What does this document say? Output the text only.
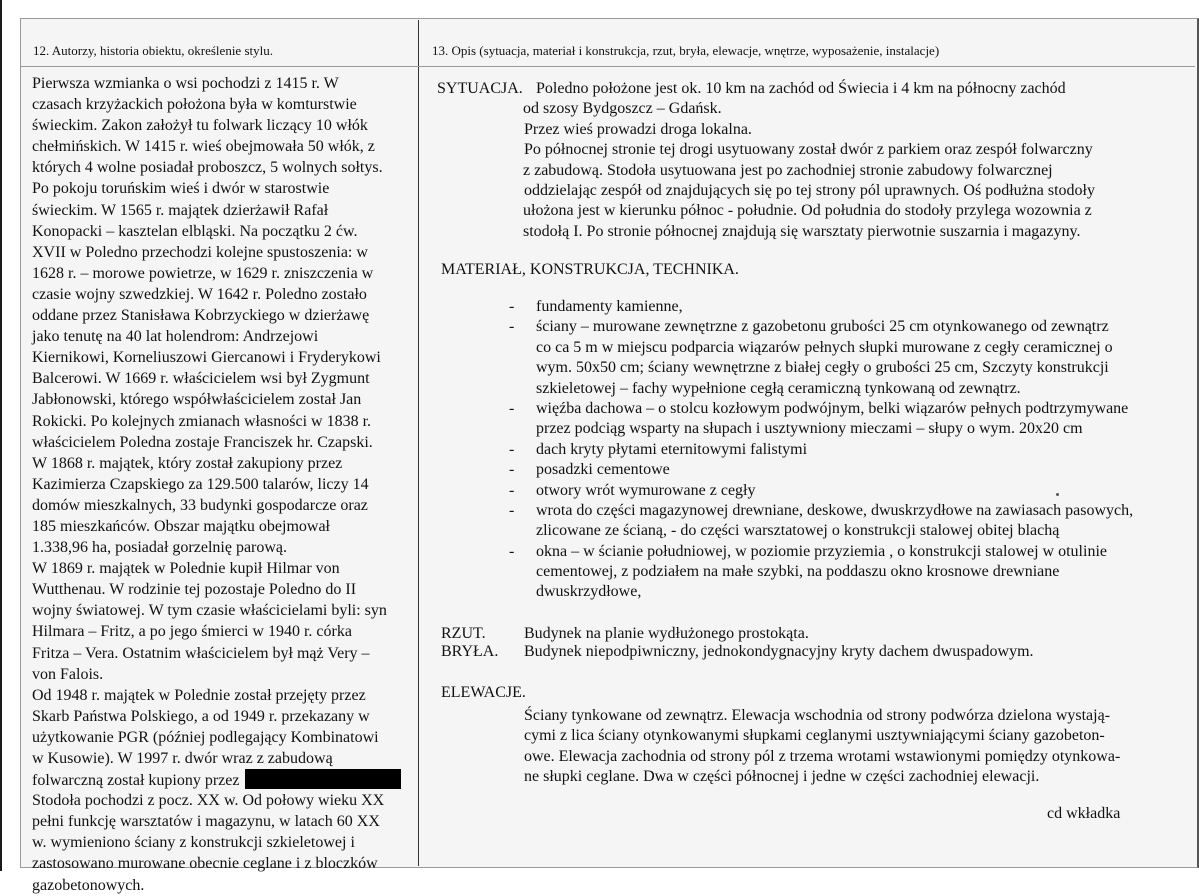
12. Autorzy, historia obiektu, określenie stylu.	13. Opis (sytuacja, materiał i konstrukcja, rzut, bryła, elewacje, wnętrze, wyposażenie, instalacje)
Pierwsza wzmianka o wsi pochodzi z 1415 r. W
czasach krzyżackich położona była w komturstwie
świeckim. Zakon założył tu folwark liczący 10 włók
chełmińskich. W 1415 r. wieś obejmowała 50 włók, z
których 4 wolne posiadał proboszcz, 5 wolnych sołtys.
Po pokoju toruńskim wieś i dwór w starostwie
świeckim. W 1565 r. majątek dzierżawił Rafał
Konopacki – kasztelan elbląski. Na początku 2 ćw.
XVII w Poledno przechodzi kolejne spustoszenia: w
1628 r. – morowe powietrze, w 1629 r. zniszczenia w
czasie wojny szwedzkiej. W 1642 r. Poledno zostało
oddane przez Stanisława Kobrzyckiego w dzierżawę
jako tenutę na 40 lat holendrom: Andrzejowi
Kiernikowi, Korneliuszowi Giercanowi i Fryderykowi
Balcerowi. W 1669 r. właścicielem wsi był Zygmunt
Jabłonowski, którego współwłaścicielem został Jan
Rokicki. Po kolejnych zmianach własności w 1838 r.
właścicielem Poledna zostaje Franciszek hr. Czapski.
W 1868 r. majątek, który został zakupiony przez
Kazimierza Czapskiego za 129.500 talarów, liczy 14
domów mieszkalnych, 33 budynki gospodarcze oraz
185 mieszkańców. Obszar majątku obejmował
1.338,96 ha, posiadał gorzelnię parową.
W 1869 r. majątek w Polednie kupił Hilmar von
Wutthenau. W rodzinie tej pozostaje Poledno do II
wojny światowej. W tym czasie właścicielami byli: syn
Hilmara – Fritz, a po jego śmierci w 1940 r. córka
Fritza – Vera. Ostatnim właścicielem był mąż Very –
von Falois.
Od 1948 r. majątek w Polednie został przejęty przez
Skarb Państwa Polskiego, a od 1949 r. przekazany w
użytkowanie PGR (później podlegający Kombinatowi
w Kusowie). W 1997 r. dwór wraz z zabudową
folwarczną został kupiony przez
Stodoła pochodzi z pocz. XX w. Od połowy wieku XX
pełni funkcję warsztatów i magazynu, w latach 60 XX
w. wymieniono ściany z konstrukcji szkieletowej i
zastosowano murowane obecnie ceglane i z bloczków
gazobetonowych.
SYTUACJA. Poledno położone jest ok. 10 km na zachód od Świecia i 4 km na północny zachód
od szosy Bydgoszcz – Gdańsk.
Przez wieś prowadzi droga lokalna.
Po północnej stronie tej drogi usytuowany został dwór z parkiem oraz zespół folwarczny
z zabudową. Stodoła usytuowana jest po zachodniej stronie zabudowy folwarcznej
oddzielając zespół od znajdujących się po tej strony pól uprawnych. Oś podłużna stodoły
ułożona jest w kierunku północ - południe. Od południa do stodoły przylega wozownia z
stodołą I. Po stronie północnej znajdują się warsztaty pierwotnie suszarnia i magazyny.
MATERIAŁ, KONSTRUKCJA, TECHNIKA.
- fundamenty kamienne,
- ściany – murowane zewnętrzne z gazobetonu grubości 25 cm otynkowanego od zewnątrz
co ca 5 m w miejscu podparcia wiązarów pełnych słupki murowane z cegły ceramicznej o
wym. 50x50 cm; ściany wewnętrzne z białej cegły o grubości 25 cm, Szczyty konstrukcji
szkieletowej – fachy wypełnione cegłą ceramiczną tynkowaną od zewnątrz.
- więźba dachowa – o stolcu kozłowym podwójnym, belki wiązarów pełnych podtrzymywane
przez podciąg wsparty na słupach i usztywniony mieczami – słupy o wym. 20x20 cm
- dach kryty płytami eternitowymi falistymi
- posadzki cementowe
- otwory wrót wymurowane z cegły
- wrota do części magazynowej drewniane, deskowe, dwuskrzydłowe na zawiasach pasowych,
zlicowane ze ścianą, - do części warsztatowej o konstrukcji stalowej obitej blachą
- okna – w ścianie południowej, w poziomie przyziemia , o konstrukcji stalowej w otulinie
cementowej, z podziałem na małe szybki, na poddaszu okno krosnowe drewniane
dwuskrzydłowe,
RZUT. Budynek na planie wydłużonego prostokąta.
BRYŁA. Budynek niepodpiwniczny, jednokondygnacyjny kryty dachem dwuspadowym.
ELEWACJE.
Ściany tynkowane od zewnątrz. Elewacja wschodnia od strony podwórza dzielona wystają-
cymi z lica ściany otynkowanymi słupkami ceglanymi usztywniającymi ściany gazobeton-
owe. Elewacja zachodnia od strony pól z trzema wrotami wstawionymi pomiędzy otynkowa-
ne słupki ceglane. Dwa w części północnej i jedne w części zachodniej elewacji.
cd wkładka
